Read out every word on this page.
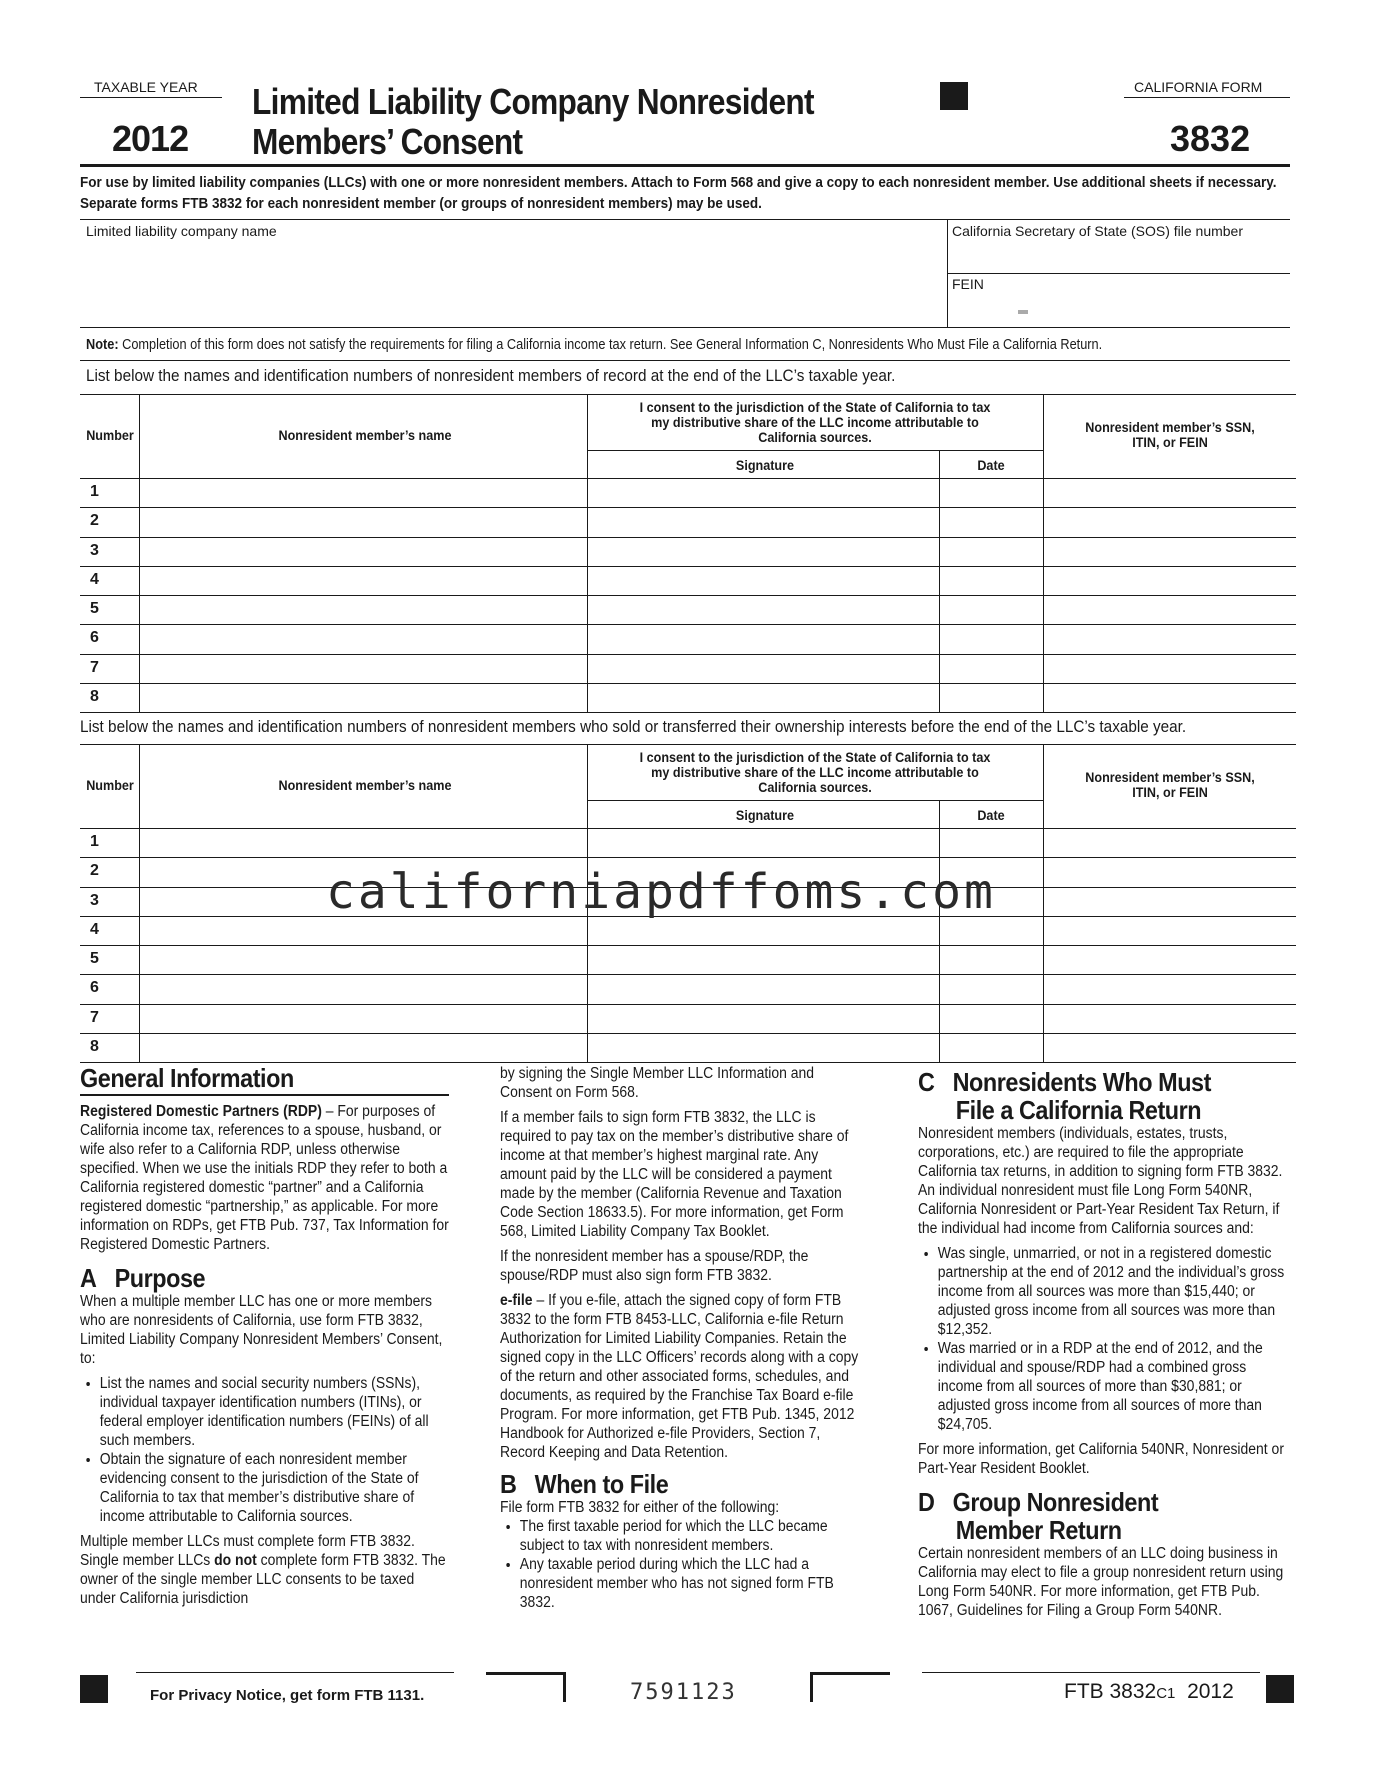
TAXABLE YEAR
2012
Limited Liability Company Nonresident
Members’ Consent
CALIFORNIA FORM
3832
For use by limited liability companies (LLCs) with one or more nonresident members. Attach to Form 568 and give a copy to each nonresident member. Use additional sheets if necessary. Separate forms FTB 3832 for each nonresident member (or groups of nonresident members) may be used.
Limited liability company name	California Secretary of State (SOS) file number
FEIN
Note: Completion of this form does not satisfy the requirements for filing a California income tax return. See General Information C, Nonresidents Who Must File a California Return.
List below the names and identification numbers of nonresident members of record at the end of the LLC’s taxable year.
Number	Nonresident member’s name
I consent to the jurisdiction of the State of California to tax my distributive share of the LLC income attributable to California sources.
Signature	Date
Nonresident member’s SSN, ITIN, or FEIN
1
2
3
4
5
6
7
8
List below the names and identification numbers of nonresident members who sold or transferred their ownership interests before the end of the LLC’s taxable year.
Number	Nonresident member’s name
I consent to the jurisdiction of the State of California to tax my distributive share of the LLC income attributable to California sources.
Signature	Date
Nonresident member’s SSN, ITIN, or FEIN
1
2
3
4
5
6
7
8
californiapdffoms.com
General Information

Registered Domestic Partners (RDP) – For purposes of California income tax, references to a spouse, husband, or wife also refer to a California RDP, unless otherwise specified. When we use the initials RDP they refer to both a California registered domestic “partner” and a California registered domestic “partnership,” as applicable. For more information on RDPs, get FTB Pub. 737, Tax Information for Registered Domestic Partners.

A Purpose

When a multiple member LLC has one or more members who are nonresidents of California, use form FTB 3832, Limited Liability Company Nonresident Members’ Consent, to:

• List the names and social security numbers (SSNs), individual taxpayer identification numbers (ITINs), or federal employer identification numbers (FEINs) of all such members.
• Obtain the signature of each nonresident member evidencing consent to the jurisdiction of the State of California to tax that member’s distributive share of income attributable to California sources.

Multiple member LLCs must complete form FTB 3832. Single member LLCs do not complete form FTB 3832. The owner of the single member LLC consents to be taxed under California jurisdiction

by signing the Single Member LLC Information and Consent on Form 568.

If a member fails to sign form FTB 3832, the LLC is required to pay tax on the member’s distributive share of income at that member’s highest marginal rate. Any amount paid by the LLC will be considered a payment made by the member (California Revenue and Taxation Code Section 18633.5). For more information, get Form 568, Limited Liability Company Tax Booklet.

If the nonresident member has a spouse/RDP, the spouse/RDP must also sign form FTB 3832.

e-file – If you e-file, attach the signed copy of form FTB 3832 to the form FTB 8453-LLC, California e-file Return Authorization for Limited Liability Companies. Retain the signed copy in the LLC Officers’ records along with a copy of the return and other associated forms, schedules, and documents, as required by the Franchise Tax Board e-file Program. For more information, get FTB Pub. 1345, 2012 Handbook for Authorized e-file Providers, Section 7, Record Keeping and Data Retention.

B When to File

File form FTB 3832 for either of the following:

• The first taxable period for which the LLC became subject to tax with nonresident members.
• Any taxable period during which the LLC had a nonresident member who has not signed form FTB 3832.
C Nonresidents Who Must
File a California Return

Nonresident members (individuals, estates, trusts, corporations, etc.) are required to file the appropriate California tax returns, in addition to signing form FTB 3832. An individual nonresident must file Long Form 540NR, California Nonresident or Part-Year Resident Tax Return, if the individual had income from California sources and:

• Was single, unmarried, or not in a registered domestic partnership at the end of 2012 and the individual’s gross income from all sources was more than $15,440; or adjusted gross income from all sources was more than $12,352.
• Was married or in a RDP at the end of 2012, and the individual and spouse/RDP had a combined gross income from all sources of more than $30,881; or adjusted gross income from all sources of more than $24,705.

For more information, get California 540NR, Nonresident or Part-Year Resident Booklet.

D Group Nonresident
Member Return

Certain nonresident members of an LLC doing business in California may elect to file a group nonresident return using Long Form 540NR. For more information, get FTB Pub. 1067, Guidelines for Filing a Group Form 540NR.

For Privacy Notice, get form FTB 1131.	7591123	FTB 3832C1 2012
